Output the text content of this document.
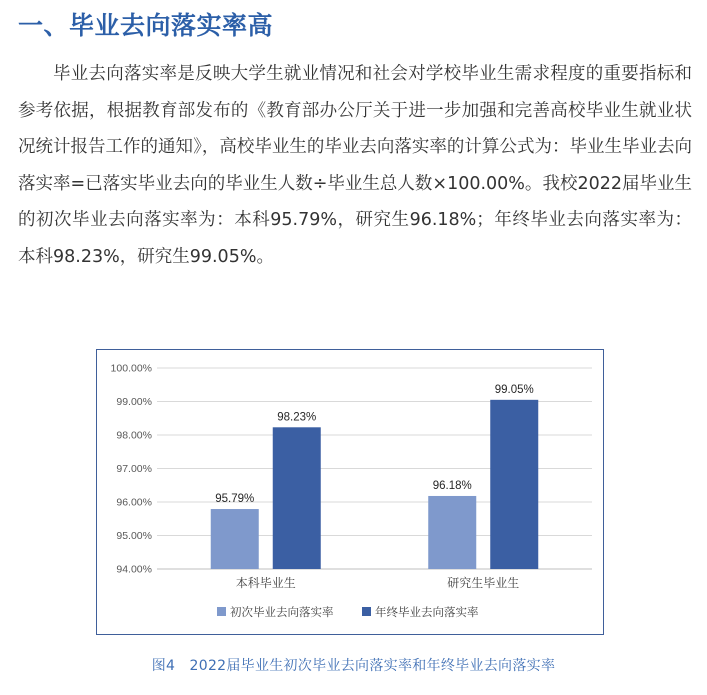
一、毕业去向落实率高
毕业去向落实率是反映大学生就业情况和社会对学校毕业生需求程度的重要指标和参考依据，根据教育部发布的《教育部办公厅关于进一步加强和完善高校毕业生就业状况统计报告工作的通知》，高校毕业生的毕业去向落实率的计算公式为：毕业生毕业去向落实率=已落实毕业去向的毕业生人数÷毕业生总人数×100.00%。我校2022届毕业生的初次毕业去向落实率为：本科95.79%，研究生96.18%；年终毕业去向落实率为：本科98.23%，研究生99.05%。
94.00%
95.00%
96.00%
97.00%
98.00%
99.00%
100.00%
95.79%
98.23%
本科毕业生
96.18%
99.05%
研究生毕业生
初次毕业去向落实率	年终毕业去向落实率
图4　2022届毕业生初次毕业去向落实率和年终毕业去向落实率
